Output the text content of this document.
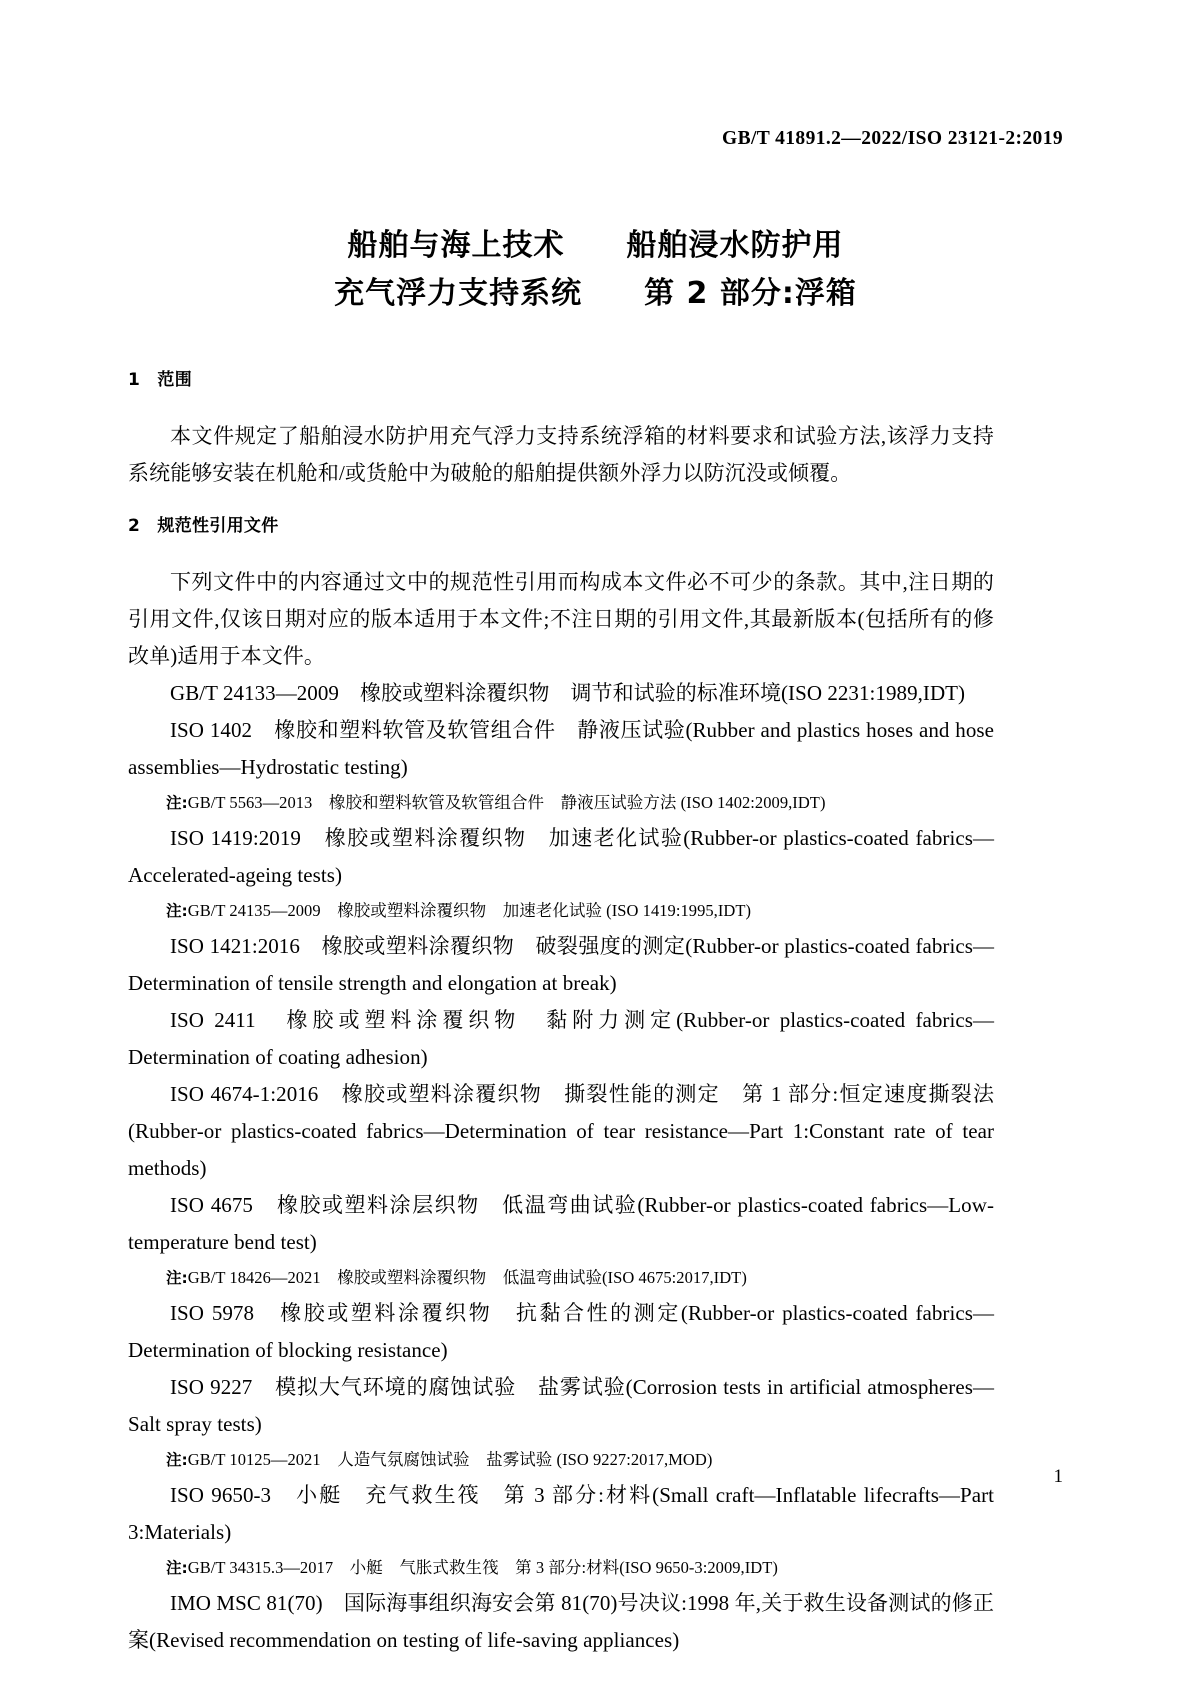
GB/T 41891.2—2022/ISO 23121-2:2019
船舶与海上技术　　船舶浸水防护用
充气浮力支持系统　　第 2 部分:浮箱
1　范围

本文件规定了船舶浸水防护用充气浮力支持系统浮箱的材料要求和试验方法,该浮力支持系统能够安装在机舱和/或货舱中为破舱的船舶提供额外浮力以防沉没或倾覆。

2　规范性引用文件

下列文件中的内容通过文中的规范性引用而构成本文件必不可少的条款。其中,注日期的引用文件,仅该日期对应的版本适用于本文件;不注日期的引用文件,其最新版本(包括所有的修改单)适用于本文件。

GB/T 24133—2009　橡胶或塑料涂覆织物　调节和试验的标准环境(ISO 2231:1989,IDT)

ISO 1402　橡胶和塑料软管及软管组合件　静液压试验(Rubber and plastics hoses and hose assemblies—Hydrostatic testing)

注:GB/T 5563—2013　橡胶和塑料软管及软管组合件　静液压试验方法 (ISO 1402:2009,IDT)

ISO 1419:2019　橡胶或塑料涂覆织物　加速老化试验(Rubber-or plastics-coated fabrics—Accelerated-ageing tests)

注:GB/T 24135—2009　橡胶或塑料涂覆织物　加速老化试验 (ISO 1419:1995,IDT)

ISO 1421:2016　橡胶或塑料涂覆织物　破裂强度的测定(Rubber-or plastics-coated fabrics—Determination of tensile strength and elongation at break)

ISO 2411　橡胶或塑料涂覆织物　黏附力测定(Rubber-or plastics-coated fabrics—Determination of coating adhesion)

ISO 4674-1:2016　橡胶或塑料涂覆织物　撕裂性能的测定　第 1 部分:恒定速度撕裂法(Rubber-or plastics-coated fabrics—Determination of tear resistance—Part 1:Constant rate of tear methods)

ISO 4675　橡胶或塑料涂层织物　低温弯曲试验(Rubber-or plastics-coated fabrics—Low-temperature bend test)

注:GB/T 18426—2021　橡胶或塑料涂覆织物　低温弯曲试验(ISO 4675:2017,IDT)

ISO 5978　橡胶或塑料涂覆织物　抗黏合性的测定(Rubber-or plastics-coated fabrics—Determination of blocking resistance)

ISO 9227　模拟大气环境的腐蚀试验　盐雾试验(Corrosion tests in artificial atmospheres—Salt spray tests)

注:GB/T 10125—2021　人造气氛腐蚀试验　盐雾试验 (ISO 9227:2017,MOD)

ISO 9650-3　小艇　充气救生筏　第 3 部分:材料(Small craft—Inflatable lifecrafts—Part 3:Materials)

注:GB/T 34315.3—2017　小艇　气胀式救生筏　第 3 部分:材料(ISO 9650-3:2009,IDT)

IMO MSC 81(70)　国际海事组织海安会第 81(70)号决议:1998 年,关于救生设备测试的修正案(Revised recommendation on testing of life-saving appliances)

1
